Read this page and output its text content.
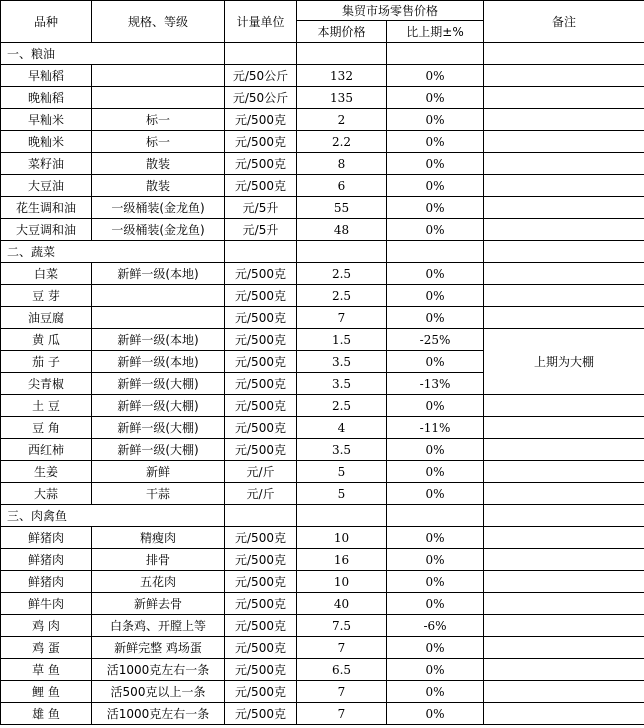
品种	规格、等级	计量单位	集贸市场零售价格		备注
			本期价格	比上期±%	
一、粮油					
早籼稻		元/50公斤	132	0%	
晚籼稻		元/50公斤	135	0%	
早籼米	标一	元/500克	2	0%	
晚籼米	标一	元/500克	2.2	0%	
菜籽油	散装	元/500克	8	0%	
大豆油	散装	元/500克	6	0%	
花生调和油	一级桶装(金龙鱼)	元/5升	55	0%	
大豆调和油	一级桶装(金龙鱼)	元/5升	48	0%	
二、蔬菜					
白菜	新鲜一级(本地)	元/500克	2.5	0%	
豆 芽		元/500克	2.5	0%	
油豆腐		元/500克	7	0%	
黄 瓜	新鲜一级(本地)	元/500克	1.5	-25%	上期为大棚
茄 子	新鲜一级(本地)	元/500克	3.5	0%	
尖青椒	新鲜一级(大棚)	元/500克	3.5	-13%	
土 豆	新鲜一级(大棚)	元/500克	2.5	0%	
豆 角	新鲜一级(大棚)	元/500克	4	-11%	
西红柿	新鲜一级(大棚)	元/500克	3.5	0%	
生姜	新鲜	元/斤	5	0%	
大蒜	干蒜	元/斤	5	0%	
三、肉禽鱼					
鲜猪肉	精瘦肉	元/500克	10	0%	
鲜猪肉	排骨	元/500克	16	0%	
鲜猪肉	五花肉	元/500克	10	0%	
鲜牛肉	新鲜去骨	元/500克	40	0%	
鸡 肉	白条鸡、开膛上等	元/500克	7.5	-6%	
鸡 蛋	新鲜完整 鸡场蛋	元/500克	7	0%	
草 鱼	活1000克左右一条	元/500克	6.5	0%	
鲤 鱼	活500克以上一条	元/500克	7	0%	
雄 鱼	活1000克左右一条	元/500克	7	0%	
